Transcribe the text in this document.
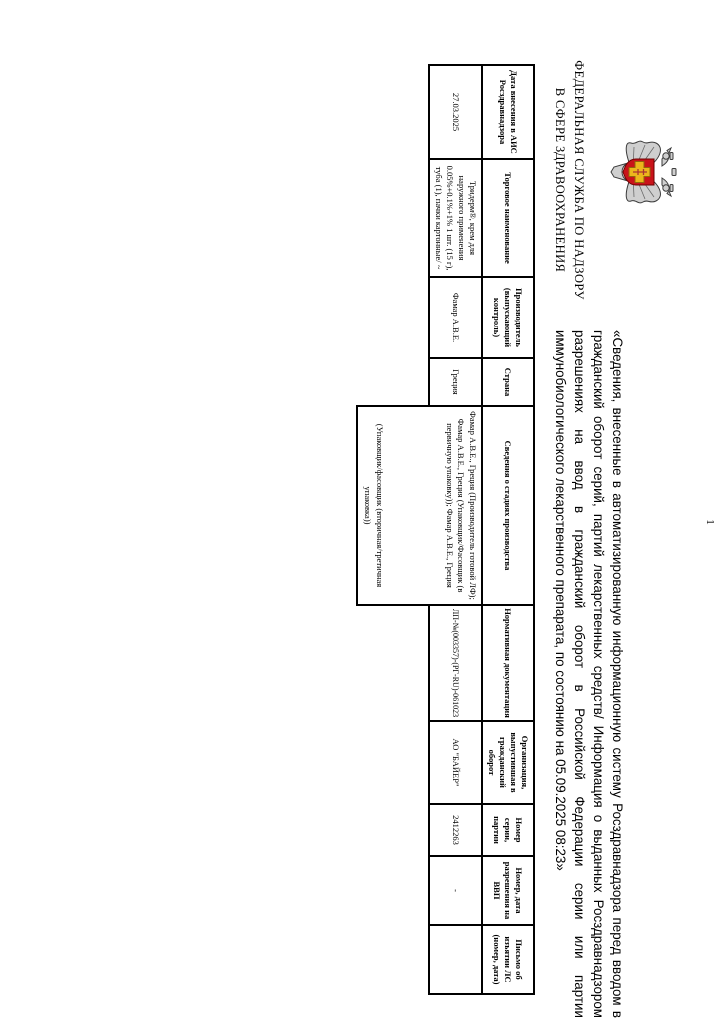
1
ФЕДЕРАЛЬНАЯ СЛУЖБА ПО НАДЗОРУ
В СФЕРЕ ЗДРАВООХРАНЕНИЯ
«Сведения, внесенные в автоматизированную информационную систему Росздравнадзора перед вводом в гражданский оборот серий, партий лекарственных средств/ Информация о выданных Росздравнадзором разрешениях на ввод в гражданский оборот в Российской Федерации серии или партии иммунобиологического лекарственного препарата, по состоянию на 05.09.2025 08:23»
Дата внесения в АИС Росздравнадзора
Торговое наименование
Производитель (выпускающий контроль)
Страна
Сведения о стадиях производства
Нормативная документация
Организация, выпустившая в гражданский оборот
Номер серии, партии
Номер, дата разрешения на ВВП
Письмо об изъятии ЛС (номер, дата)
27.03.2025
Тридерм®, крем для наружного применения 0.05%+0.1%+1% 1 шт. (15 г), туба (1), пачки картонные/ ~
Фамар А.В.Е.
Греция
Фамар А.В.Е., Греция (Производитель готовой ЛФ); Фамар А.В.Е., Греция (Упаковщик/Фасовщик (в первичную упаковку)); Фамар А.В.Е., Греция
(Упаковщик/фасовщик (вторичная/третичная упаковка))
ЛП-№(003357)-(РГ-RU)-061023
АО "БАЙЕР"
2412263
-
